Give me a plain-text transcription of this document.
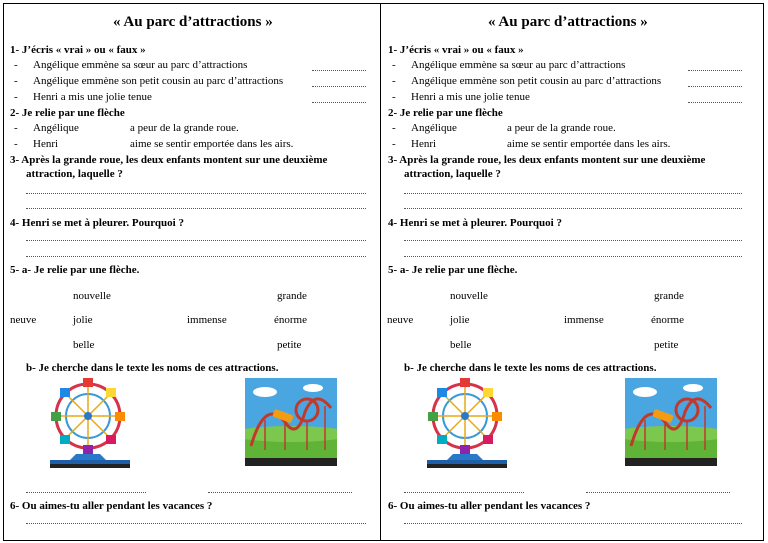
« Au parc d’attractions »
1- J’écris « vrai » ou « faux »
- Angélique emmène sa sœur au parc d’attractions
- Angélique emmène son petit cousin au parc d’attractions
- Henri a mis une jolie tenue
2- Je relie par une flèche
- Angélique	a peur de la grande roue.
- Henri	aime se sentir emportée dans les airs.
3- Après la grande roue, les deux enfants montent sur une deuxième
attraction, laquelle ?
4- Henri se met à pleurer. Pourquoi ?
5- a- Je relie par une flèche.
nouvelle	grande
neuve	jolie	immense	énorme
belle	petite
b- Je cherche dans le texte les noms de ces attractions.
6- Ou aimes-tu aller pendant les vacances ?
« Au parc d’attractions »
1- J’écris « vrai » ou « faux »
- Angélique emmène sa sœur au parc d’attractions
- Angélique emmène son petit cousin au parc d’attractions
- Henri a mis une jolie tenue
2- Je relie par une flèche
- Angélique	a peur de la grande roue.
- Henri	aime se sentir emportée dans les airs.
3- Après la grande roue, les deux enfants montent sur une deuxième
attraction, laquelle ?
4- Henri se met à pleurer. Pourquoi ?
5- a- Je relie par une flèche.
nouvelle	grande
neuve	jolie	immense	énorme
belle	petite
b- Je cherche dans le texte les noms de ces attractions.
6- Ou aimes-tu aller pendant les vacances ?
